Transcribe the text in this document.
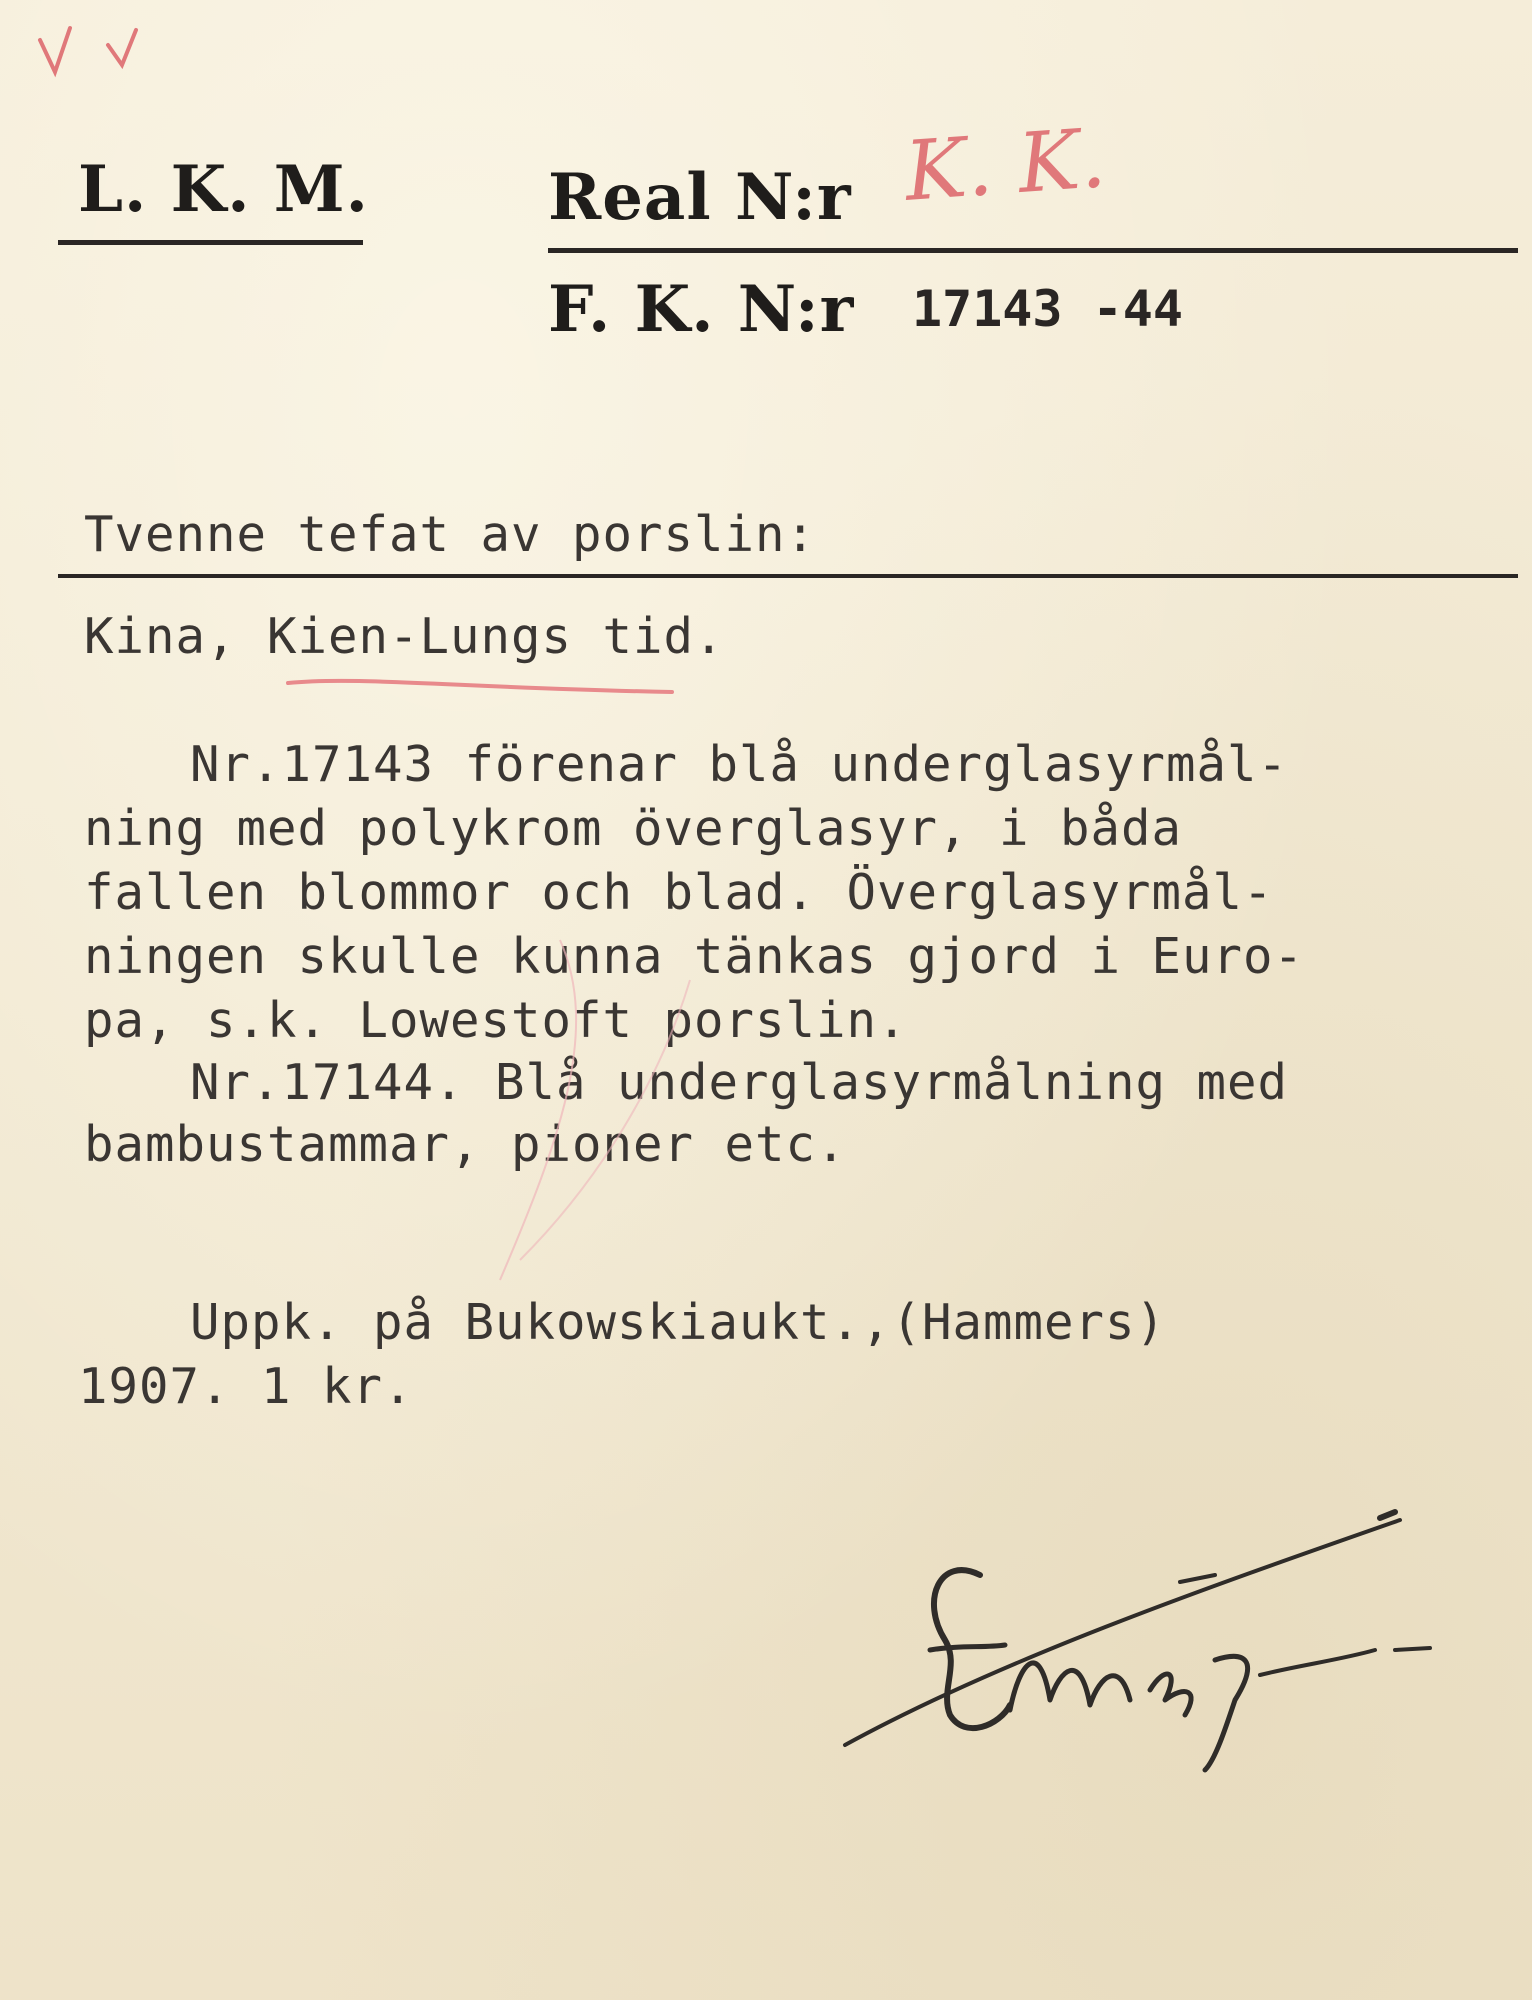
L. K. M.	Real N:r K. K.
F. K. N:r 17143 -44
Tvenne tefat av porslin:
Kina, Kien-Lungs tid.
Nr.17143 förenar blå underglasyrmål-
ning med polykrom överglasyr, i båda
fallen blommor och blad. Överglasyrmål-
ningen skulle kunna tänkas gjord i Euro-
pa, s.k. Lowestoft porslin.
Nr.17144. Blå underglasyrmålning med
bambustammar, pioner etc.
Uppk. på Bukowskiaukt.,(Hammers)
1907. 1 kr.
